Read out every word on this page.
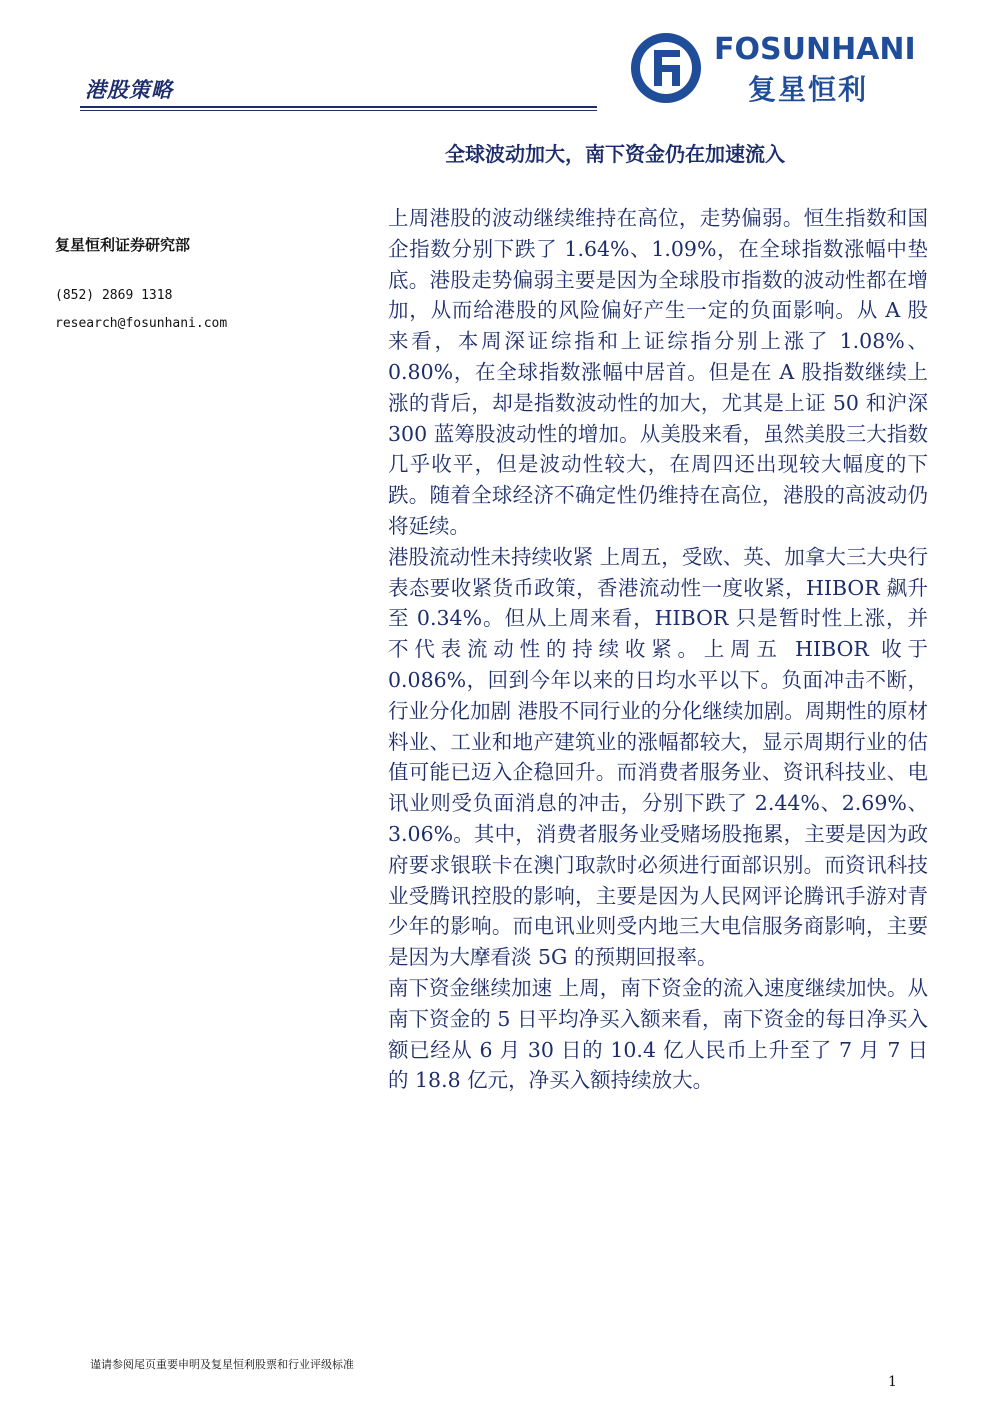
港股策略
FOSUNHANI
复星恒利
全球波动加大，南下资金仍在加速流入
复星恒利证券研究部
(852) 2869 1318
research@fosunhani.com

上周港股的波动继续维持在高位，走势偏弱。恒生指数和国企指数分别下跌了 1.64%、1.09%，在全球指数涨幅中垫底。港股走势偏弱主要是因为全球股市指数的波动性都在增加，从而给港股的风险偏好产生一定的负面影响。从 A 股来看，本周深证综指和上证综指分别上涨了 1.08%、0.80%，在全球指数涨幅中居首。但是在 A 股指数继续上涨的背后，却是指数波动性的加大，尤其是上证 50 和沪深 300 蓝筹股波动性的增加。从美股来看，虽然美股三大指数几乎收平，但是波动性较大，在周四还出现较大幅度的下跌。随着全球经济不确定性仍维持在高位，港股的高波动仍将延续。

港股流动性未持续收紧 上周五，受欧、英、加拿大三大央行表态要收紧货币政策，香港流动性一度收紧，HIBOR 飙升至 0.34%。但从上周来看，HIBOR 只是暂时性上涨，并不代表流动性的持续收紧。上周五 HIBOR 收于 0.086%，回到今年以来的日均水平以下。负面冲击不断，行业分化加剧 港股不同行业的分化继续加剧。周期性的原材料业、工业和地产建筑业的涨幅都较大，显示周期行业的估值可能已迈入企稳回升。而消费者服务业、资讯科技业、电讯业则受负面消息的冲击，分别下跌了 2.44%、2.69%、3.06%。其中，消费者服务业受赌场股拖累，主要是因为政府要求银联卡在澳门取款时必须进行面部识别。而资讯科技业受腾讯控股的影响，主要是因为人民网评论腾讯手游对青少年的影响。而电讯业则受内地三大电信服务商影响，主要是因为大摩看淡 5G 的预期回报率。

南下资金继续加速 上周，南下资金的流入速度继续加快。从南下资金的 5 日平均净买入额来看，南下资金的每日净买入额已经从 6 月 30 日的 10.4 亿人民币上升至了 7 月 7 日的 18.8 亿元，净买入额持续放大。

谨请参阅尾页重要申明及复星恒利股票和行业评级标准
1
